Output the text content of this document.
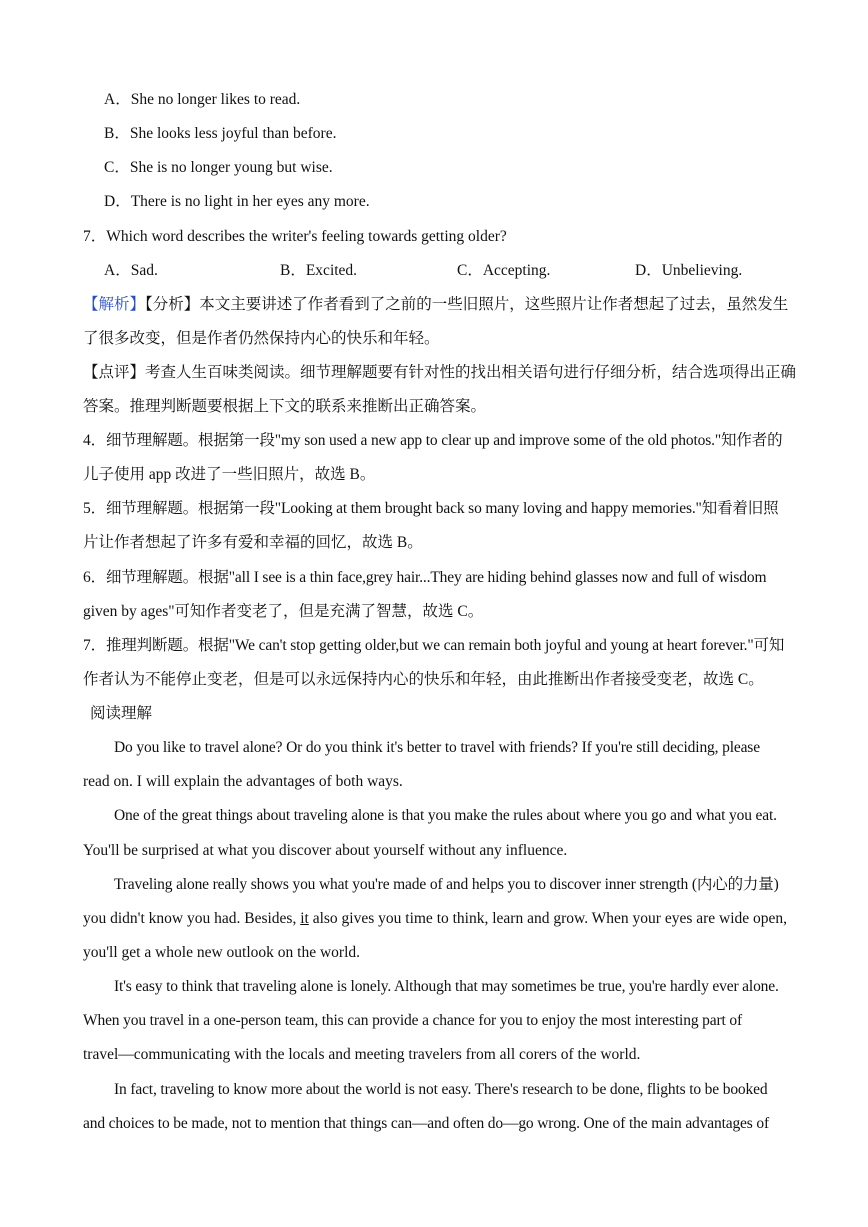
A．She no longer likes to read.
B．She looks less joyful than before.
C．She is no longer young but wise.
D．There is no light in her eyes any more.
7．Which word describes the writer's feeling towards getting older?
A．Sad.	B．Excited.	C．Accepting.	D．Unbelieving.
【解析】【分析】本文主要讲述了作者看到了之前的一些旧照片，这些照片让作者想起了过去，虽然发生
了很多改变，但是作者仍然保持内心的快乐和年轻。
【点评】考查人生百味类阅读。细节理解题要有针对性的找出相关语句进行仔细分析，结合选项得出正确
答案。推理判断题要根据上下文的联系来推断出正确答案。
4．细节理解题。根据第一段"my son used a new app to clear up and improve some of the old photos."知作者的
儿子使用 app 改进了一些旧照片，故选 B。
5．细节理解题。根据第一段"Looking at them brought back so many loving and happy memories."知看着旧照
片让作者想起了许多有爱和幸福的回忆，故选 B。
6．细节理解题。根据"all I see is a thin face,grey hair...They are hiding behind glasses now and full of wisdom
given by ages"可知作者变老了，但是充满了智慧，故选 C。
7．推理判断题。根据"We can't stop getting older,but we can remain both joyful and young at heart forever."可知
作者认为不能停止变老，但是可以永远保持内心的快乐和年轻，由此推断出作者接受变老，故选 C。
阅读理解
Do you like to travel alone? Or do you think it's better to travel with friends? If you're still deciding, please
read on. I will explain the advantages of both ways.
One of the great things about traveling alone is that you make the rules about where you go and what you eat.
You'll be surprised at what you discover about yourself without any influence.
Traveling alone really shows you what you're made of and helps you to discover inner strength (内心的力量)
you didn't know you had. Besides, it also gives you time to think, learn and grow. When your eyes are wide open,
you'll get a whole new outlook on the world.
It's easy to think that traveling alone is lonely. Although that may sometimes be true, you're hardly ever alone.
When you travel in a one-person team, this can provide a chance for you to enjoy the most interesting part of
travel—communicating with the locals and meeting travelers from all corers of the world.
In fact, traveling to know more about the world is not easy. There's research to be done, flights to be booked
and choices to be made, not to mention that things can—and often do—go wrong. One of the main advantages of
